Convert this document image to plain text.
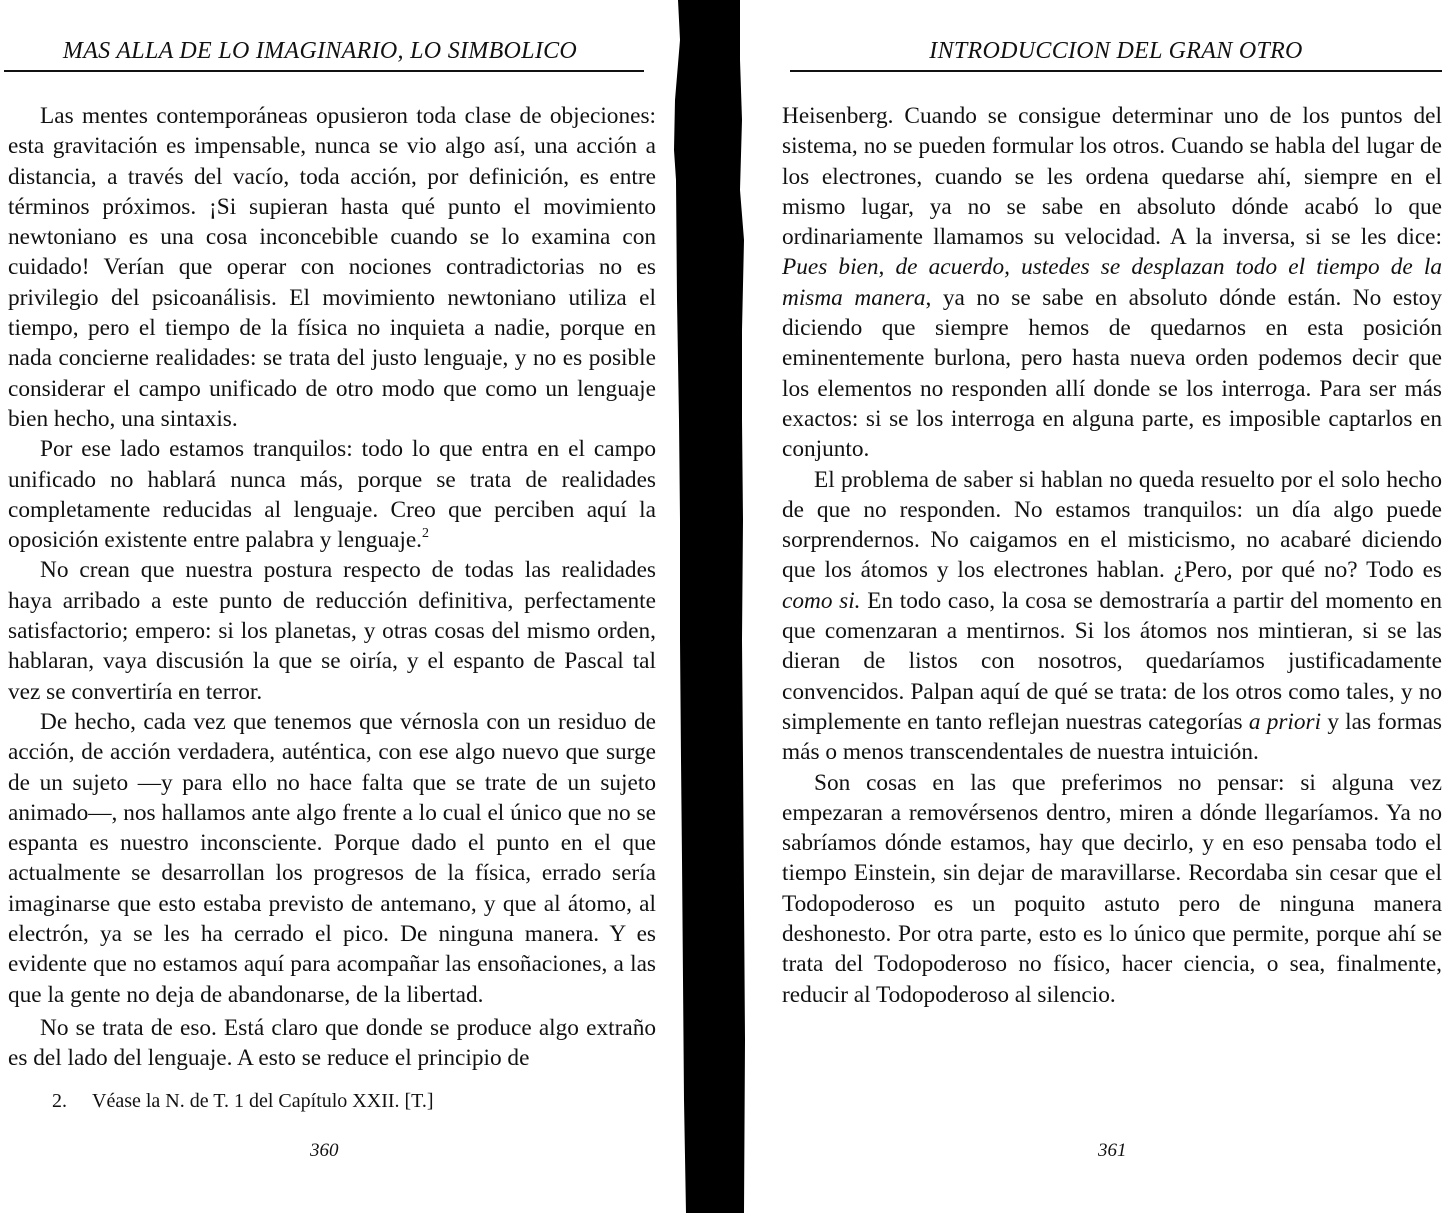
MAS ALLA DE LO IMAGINARIO, LO SIMBOLICO

Las mentes contemporáneas opusieron toda clase de objeciones: esta gravitación es impensable, nunca se vio algo así, una acción a distancia, a través del vacío, toda acción, por definición, es entre términos próximos. ¡Si supieran hasta qué punto el movimiento newtoniano es una cosa inconcebible cuando se lo examina con cuidado! Verían que operar con nociones contradictorias no es privilegio del psicoanálisis. El movimiento newtoniano utiliza el tiempo, pero el tiempo de la física no inquieta a nadie, porque en nada concierne realidades: se trata del justo lenguaje, y no es posible considerar el campo unificado de otro modo que como un lenguaje bien hecho, una sintaxis.

Por ese lado estamos tranquilos: todo lo que entra en el campo unificado no hablará nunca más, porque se trata de realidades completamente reducidas al lenguaje. Creo que perciben aquí la oposición existente entre palabra y lenguaje.$^2$

No crean que nuestra postura respecto de todas las realidades haya arribado a este punto de reducción definitiva, perfectamente satisfactorio; empero: si los planetas, y otras cosas del mismo orden, hablaran, vaya discusión la que se oiría, y el espanto de Pascal tal vez se convertiría en terror.

De hecho, cada vez que tenemos que vérnosla con un residuo de acción, de acción verdadera, auténtica, con ese algo nuevo que surge de un sujeto —y para ello no hace falta que se trate de un sujeto animado—, nos hallamos ante algo frente a lo cual el único que no se espanta es nuestro inconsciente. Porque dado el punto en el que actualmente se desarrollan los progresos de la física, errado sería imaginarse que esto estaba previsto de antemano, y que al átomo, al electrón, ya se les ha cerrado el pico. De ninguna manera. Y es evidente que no estamos aquí para acompañar las ensoñaciones, a las que la gente no deja de abandonarse, de la libertad.

No se trata de eso. Está claro que donde se produce algo extraño es del lado del lenguaje. A esto se reduce el principio de

2. Véase la N. de T. 1 del Capítulo XXII. [T.]
360
INTRODUCCION DEL GRAN OTRO

Heisenberg. Cuando se consigue determinar uno de los puntos del sistema, no se pueden formular los otros. Cuando se habla del lugar de los electrones, cuando se les ordena quedarse ahí, siempre en el mismo lugar, ya no se sabe en absoluto dónde acabó lo que ordinariamente llamamos su velocidad. A la inversa, si se les dice: Pues bien, de acuerdo, ustedes se desplazan todo el tiempo de la misma manera, ya no se sabe en absoluto dónde están. No estoy diciendo que siempre hemos de quedarnos en esta posición eminentemente burlona, pero hasta nueva orden podemos decir que los elementos no responden allí donde se los interroga. Para ser más exactos: si se los interroga en alguna parte, es imposible captarlos en conjunto.

El problema de saber si hablan no queda resuelto por el solo hecho de que no responden. No estamos tranquilos: un día algo puede sorprendernos. No caigamos en el misticismo, no acabaré diciendo que los átomos y los electrones hablan. ¿Pero, por qué no? Todo es como si. En todo caso, la cosa se demostraría a partir del momento en que comenzaran a mentirnos. Si los átomos nos mintieran, si se las dieran de listos con nosotros, quedaríamos justificadamente convencidos. Palpan aquí de qué se trata: de los otros como tales, y no simplemente en tanto reflejan nuestras categorías a priori y las formas más o menos transcendentales de nuestra intuición.

Son cosas en las que preferimos no pensar: si alguna vez empezaran a removérsenos dentro, miren a dónde llegaríamos. Ya no sabríamos dónde estamos, hay que decirlo, y en eso pensaba todo el tiempo Einstein, sin dejar de maravillarse. Recordaba sin cesar que el Todopoderoso es un poquito astuto pero de ninguna manera deshonesto. Por otra parte, esto es lo único que permite, porque ahí se trata del Todopoderoso no físico, hacer ciencia, o sea, finalmente, reducir al Todopoderoso al silencio.

361
